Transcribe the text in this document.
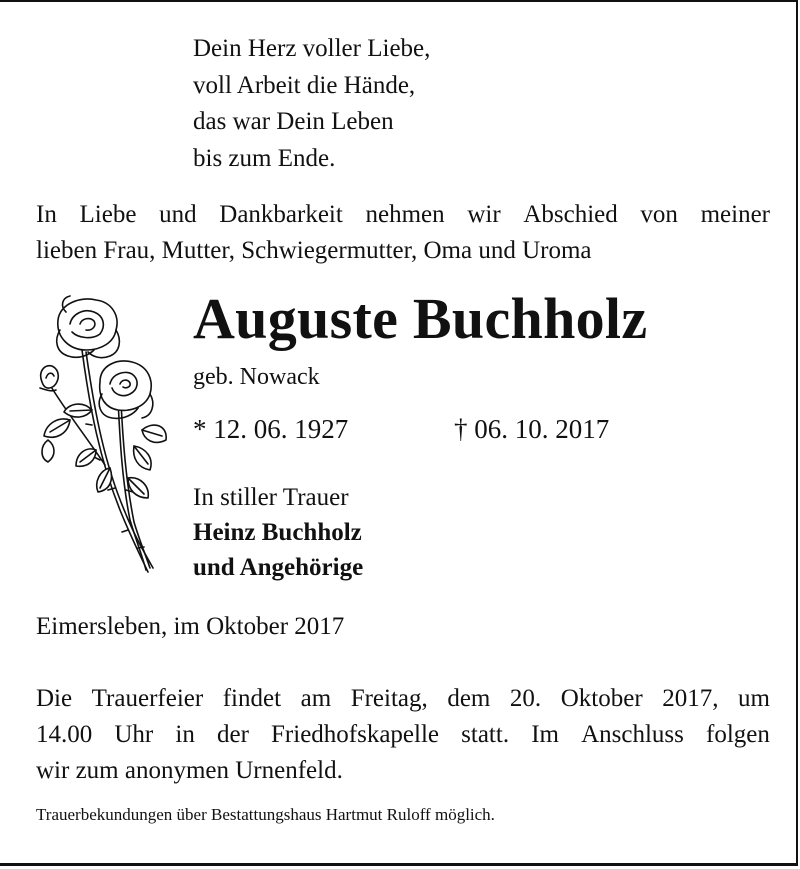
Dein Herz voller Liebe,
voll Arbeit die Hände,
das war Dein Leben
bis zum Ende.
In Liebe und Dankbarkeit nehmen wir Abschied von meiner
lieben Frau, Mutter, Schwiegermutter, Oma und Uroma
Auguste Buchholz
geb. Nowack
* 12. 06. 1927	† 06. 10. 2017
In stiller Trauer
Heinz Buchholz
und Angehörige
Eimersleben, im Oktober 2017
Die Trauerfeier findet am Freitag, dem 20. Oktober 2017, um
14.00 Uhr in der Friedhofskapelle statt. Im Anschluss folgen
wir zum anonymen Urnenfeld.
Trauerbekundungen über Bestattungshaus Hartmut Ruloff möglich.
